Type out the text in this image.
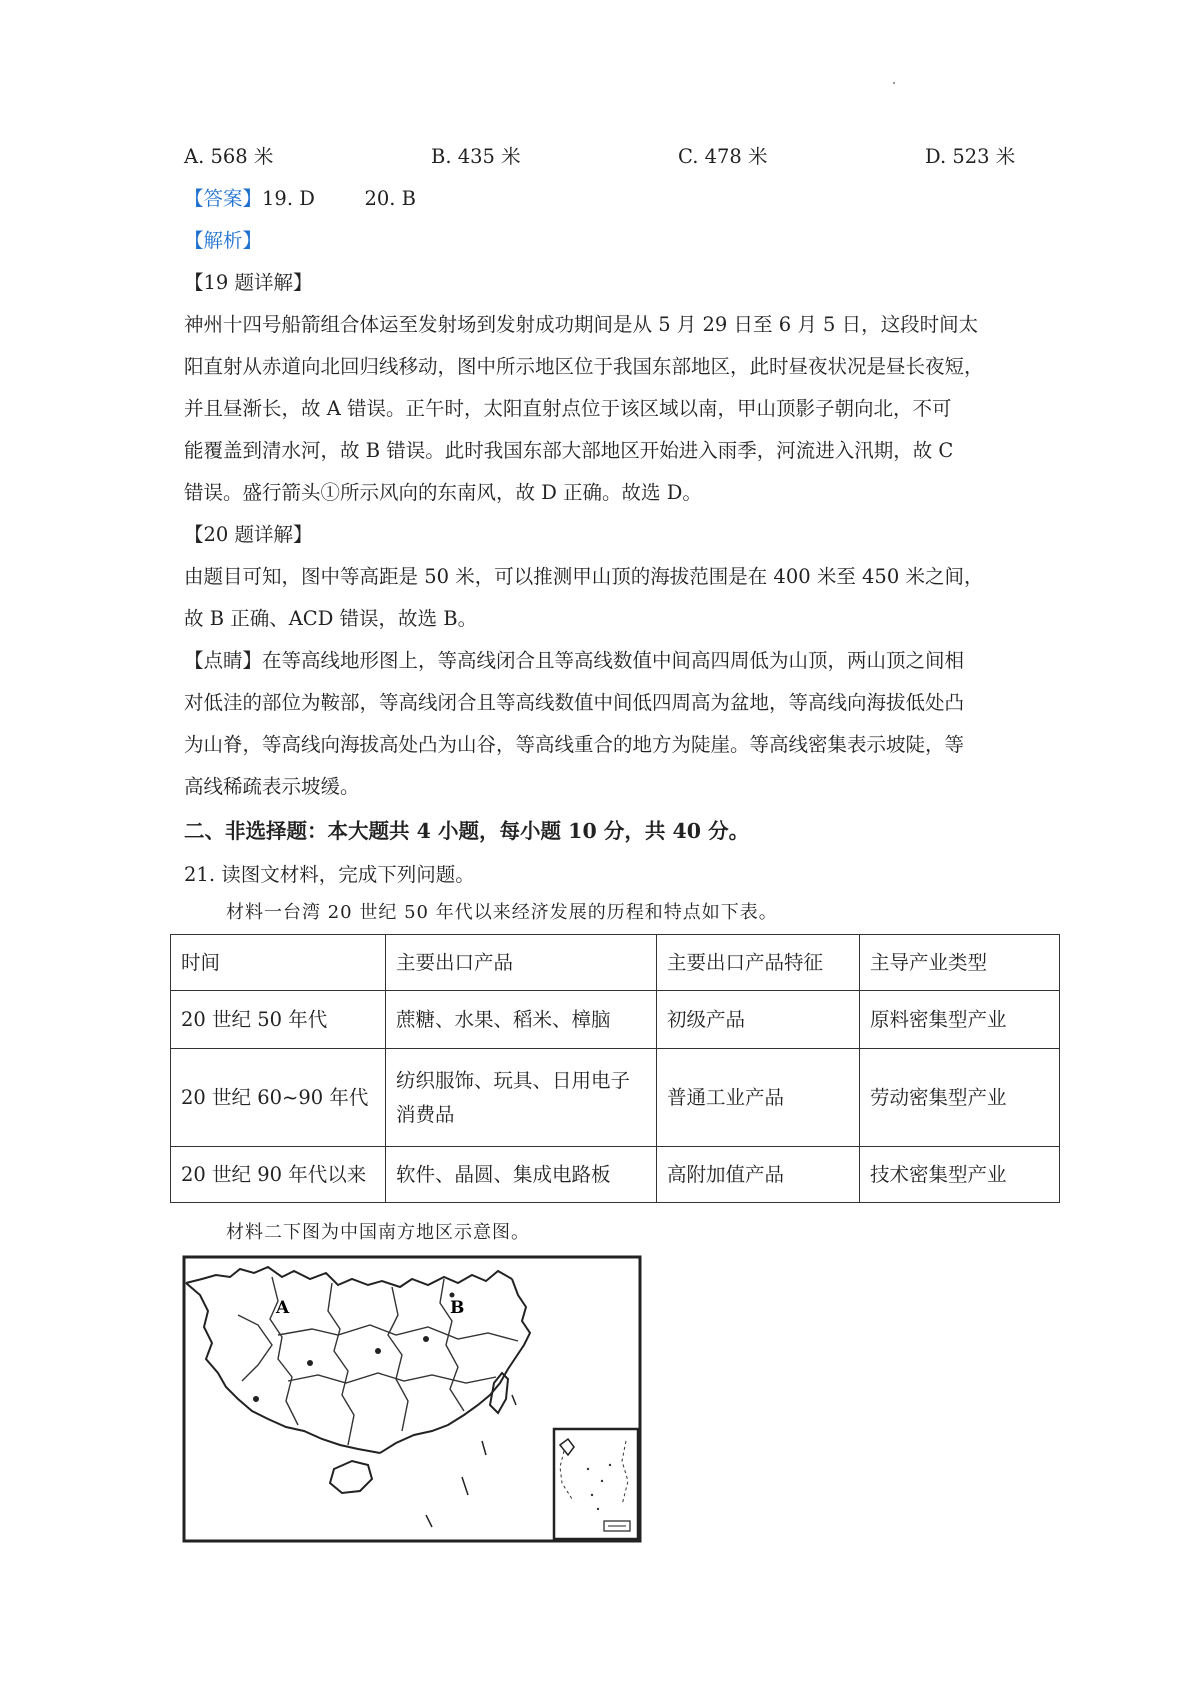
A. 568 米	B. 435 米	C. 478 米	D. 523 米
【答案】19. D        20. B
【解析】
【19 题详解】
神州十四号船箭组合体运至发射场到发射成功期间是从 5 月 29 日至 6 月 5 日，这段时间太
阳直射从赤道向北回归线移动，图中所示地区位于我国东部地区，此时昼夜状况是昼长夜短，
并且昼渐长，故 A 错误。正午时，太阳直射点位于该区域以南，甲山顶影子朝向北，不可
能覆盖到清水河，故 B 错误。此时我国东部大部地区开始进入雨季，河流进入汛期，故 C
错误。盛行箭头①所示风向的东南风，故 D 正确。故选 D。
【20 题详解】
由题目可知，图中等高距是 50 米，可以推测甲山顶的海拔范围是在 400 米至 450 米之间，
故 B 正确、ACD 错误，故选 B。
【点睛】在等高线地形图上，等高线闭合且等高线数值中间高四周低为山顶，两山顶之间相
对低洼的部位为鞍部，等高线闭合且等高线数值中间低四周高为盆地，等高线向海拔低处凸
为山脊，等高线向海拔高处凸为山谷，等高线重合的地方为陡崖。等高线密集表示坡陡，等
高线稀疏表示坡缓。
二、非选择题：本大题共 4 小题，每小题 10 分，共 40 分。
21. 读图文材料，完成下列问题。
材料一台湾 20 世纪 50 年代以来经济发展的历程和特点如下表。
时间	主要出口产品	主要出口产品特征	主导产业类型
20 世纪 50 年代	蔗糖、水果、稻米、樟脑	初级产品	原料密集型产业
20 世纪 60~90 年代	纺织服饰、玩具、日用电子消费品	普通工业产品	劳动密集型产业
20 世纪 90 年代以来	软件、晶圆、集成电路板	高附加值产品	技术密集型产业
材料二下图为中国南方地区示意图。
A	B
